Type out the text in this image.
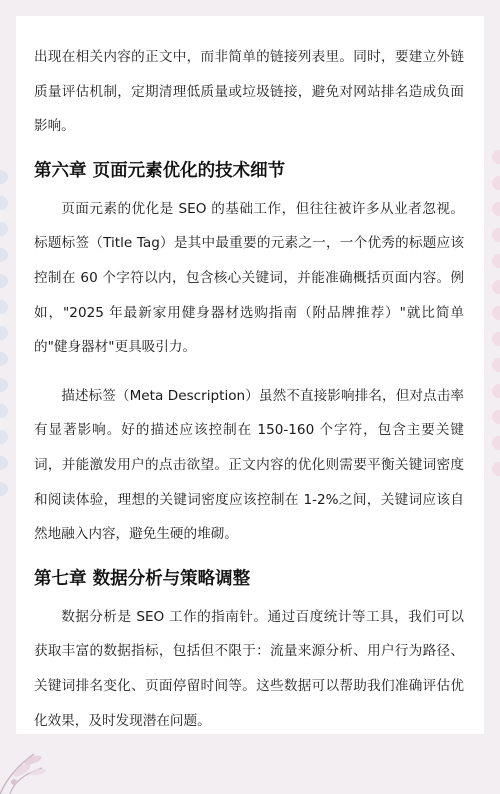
出现在相关内容的正文中，而非简单的链接列表里。同时，要建立外链质量评估机制，定期清理低质量或垃圾链接，避免对网站排名造成负面影响。

第六章 页面元素优化的技术细节

页面元素的优化是 SEO 的基础工作，但往往被许多从业者忽视。标题标签（Title Tag）是其中最重要的元素之一，一个优秀的标题应该控制在 60 个字符以内，包含核心关键词，并能准确概括页面内容。例如，"2025 年最新家用健身器材选购指南（附品牌推荐）"就比简单的"健身器材"更具吸引力。

描述标签（Meta Description）虽然不直接影响排名，但对点击率有显著影响。好的描述应该控制在 150-160 个字符，包含主要关键词，并能激发用户的点击欲望。正文内容的优化则需要平衡关键词密度和阅读体验，理想的关键词密度应该控制在 1-2%之间，关键词应该自然地融入内容，避免生硬的堆砌。

第七章 数据分析与策略调整

数据分析是 SEO 工作的指南针。通过百度统计等工具，我们可以获取丰富的数据指标，包括但不限于：流量来源分析、用户行为路径、关键词排名变化、页面停留时间等。这些数据可以帮助我们准确评估优化效果，及时发现潜在问题。
